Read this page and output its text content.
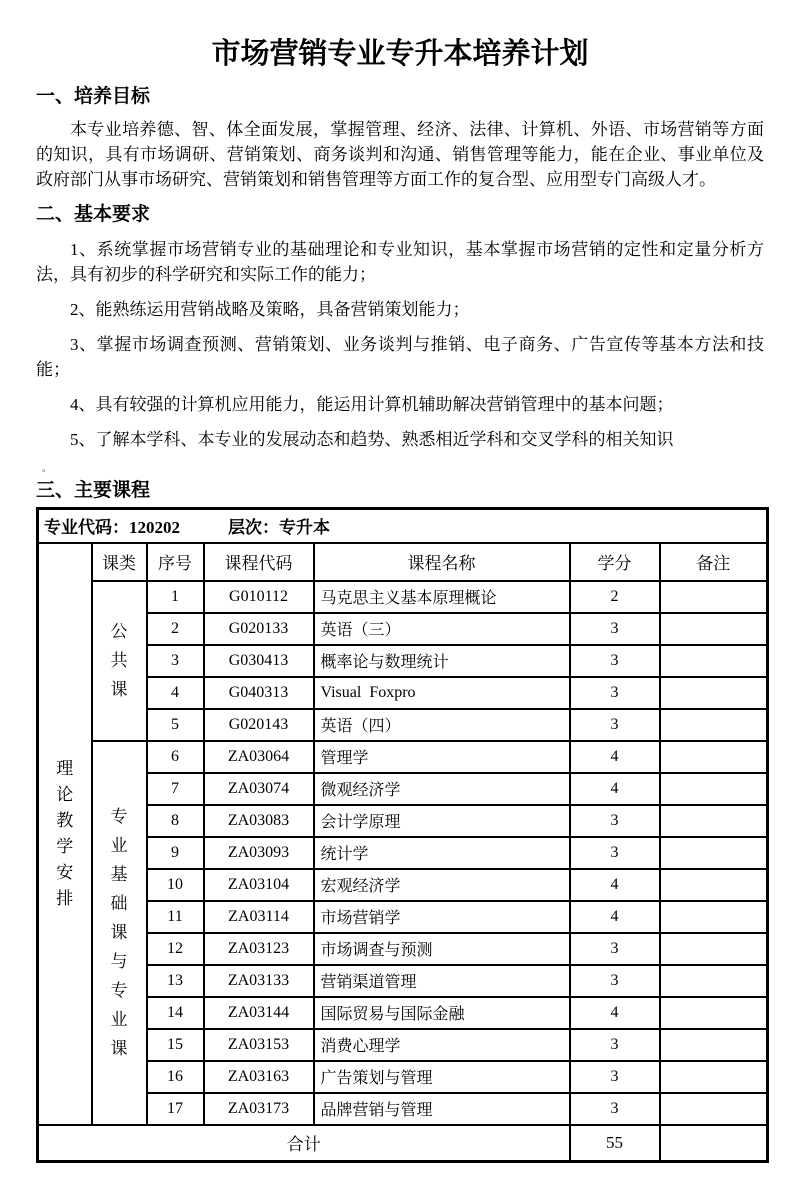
市场营销专业专升本培养计划
一、培养目标

本专业培养德、智、体全面发展，掌握管理、经济、法律、计算机、外语、市场营销等方面的知识，具有市场调研、营销策划、商务谈判和沟通、销售管理等能力，能在企业、事业单位及政府部门从事市场研究、营销策划和销售管理等方面工作的复合型、应用型专门高级人才。

二、基本要求

1、系统掌握市场营销专业的基础理论和专业知识，基本掌握市场营销的定性和定量分析方法，具有初步的科学研究和实际工作的能力；

2、能熟练运用营销战略及策略，具备营销策划能力；

3、掌握市场调查预测、营销策划、业务谈判与推销、电子商务、广告宣传等基本方法和技能；

4、具有较强的计算机应用能力，能运用计算机辅助解决营销管理中的基本问题；

5、了解本学科、本专业的发展动态和趋势、熟悉相近学科和交叉学科的相关知识

。

三、主要课程
专业代码：120202 层次：专升本						

理论教学安排	课类	序号	课程代码	课程名称	学分	备注

	公共课	1	G010112	马克思主义基本原理概论	2	
		2	G020133	英语（三）	3	
		3	G030413	概率论与数理统计	3	
		4	G040313	Visual  Foxpro	3	
		5	G020143	英语（四）	3	

	专业基础课与专业课	6	ZA03064	管理学	4	
		7	ZA03074	微观经济学	4	
		8	ZA03083	会计学原理	3	
		9	ZA03093	统计学	3	
		10	ZA03104	宏观经济学	4	
		11	ZA03114	市场营销学	4	
		12	ZA03123	市场调查与预测	3	
		13	ZA03133	营销渠道管理	3	
		14	ZA03144	国际贸易与国际金融	4	
		15	ZA03153	消费心理学	3	
		16	ZA03163	广告策划与管理	3	
		17	ZA03173	品牌营销与管理	3	
合计					55	
